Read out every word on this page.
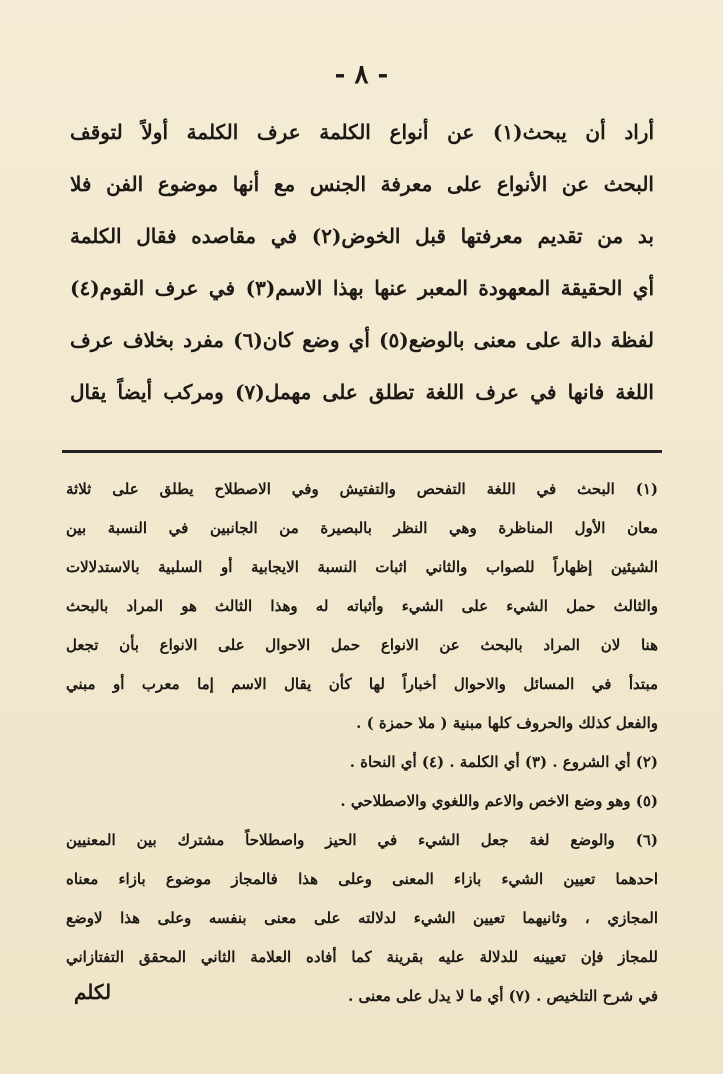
- ٨ -
أراد أن يبحث(١) عن أنواع الكلمة عرف الكلمة أولاً لتوقف
البحث عن الأنواع على معرفة الجنس مع أنها موضوع الفن فلا
بد من تقديم معرفتها قبل الخوض(٢) في مقاصده فقال الكلمة
أي الحقيقة المعهودة المعبر عنها بهذا الاسم(٣) في عرف القوم(٤)
لفظة دالة على معنى بالوضع(٥) أي وضع كان(٦) مفرد بخلاف عرف
اللغة فانها في عرف اللغة تطلق على مهمل(٧) ومركب أيضاً يقال
(١) البحث في اللغة التفحص والتفتيش وفي الاصطلاح يطلق على ثلاثة
معان الأول المناظرة وهي النظر بالبصيرة من الجانبين في النسبة بين
الشيئين إظهاراً للصواب والثاني اثبات النسبة الايجابية أو السلبية بالاستدلالات
والثالث حمل الشيء على الشيء وأثباته له وهذا الثالث هو المراد بالبحث
هنا لان المراد بالبحث عن الانواع حمل الاحوال على الانواع بأن تجعل
مبتدأ في المسائل والاحوال أخباراً لها كأن يقال الاسم إما معرب أو مبني
والفعل كذلك والحروف كلها مبنية ( ملا حمزة ) .
(٢) أي الشروع . (٣) أي الكلمة . (٤) أي النحاة .
(٥) وهو وضع الاخص والاعم واللغوي والاصطلاحي .
(٦) والوضع لغة جعل الشيء في الحيز واصطلاحاً مشترك بين المعنيين
احدهما تعيين الشيء بازاء المعنى وعلى هذا فالمجاز موضوع بازاء معناه
المجازي ، وثانيهما تعيين الشيء لدلالته على معنى بنفسه وعلى هذا لاوضع
للمجاز فإن تعيينه للدلالة عليه بقرينة كما أفاده العلامة الثاني المحقق التفتازاني
في شرح التلخيص . (٧) أي ما لا يدل على معنى .
لكلم
